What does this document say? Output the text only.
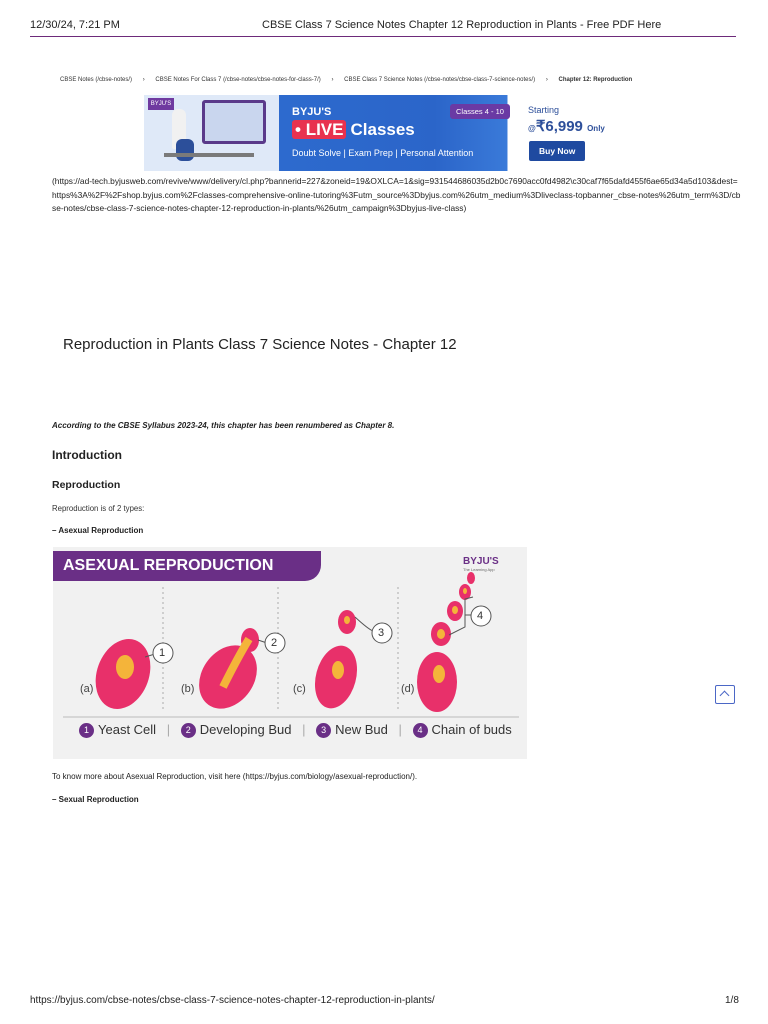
12/30/24, 7:21 PM	CBSE Class 7 Science Notes Chapter 12 Reproduction in Plants - Free PDF Here
CBSE Notes (/cbse-notes/) › CBSE Notes For Class 7 (/cbse-notes/cbse-notes-for-class-7/) › CBSE Class 7 Science Notes (/cbse-notes/cbse-class-7-science-notes/) › Chapter 12: Reproduction
BYJU'S
BYJU'S
• LIVE Classes
Doubt Solve | Exam Prep | Personal Attention
Classes 4 - 10	Starting
@₹6,999 Only
Buy Now
(https://ad-tech.byjusweb.com/revive/www/delivery/cl.php?bannerid=227&zoneid=19&OXLCA=1&sig=931544686035d2b0c7690acc0fd4982\c30caf7f65dafd455f6ae65d34a5d103&dest=https%3A%2F%2Fshop.byjus.com%2Fclasses-comprehensive-online-tutoring%3Futm_source%3Dbyjus.com%26utm_medium%3Dliveclass-topbanner_cbse-notes%26utm_term%3D/cbse-notes/cbse-class-7-science-notes-chapter-12-reproduction-in-plants/%26utm_campaign%3Dbyjus-live-class)
Reproduction in Plants Class 7 Science Notes - Chapter 12
According to the CBSE Syllabus 2023-24, this chapter has been renumbered as Chapter 8.
Introduction
Reproduction
Reproduction is of 2 types:
– Asexual Reproduction
ASEXUAL REPRODUCTION	BYJU'S
The Learning App
1
2
3
4
(a)	(b)	(c)	(d)
1 Yeast Cell | 2 Developing Bud | 3 New Bud | 4 Chain of buds
To know more about Asexual Reproduction, visit here (https://byjus.com/biology/asexual-reproduction/).
– Sexual Reproduction
https://byjus.com/cbse-notes/cbse-class-7-science-notes-chapter-12-reproduction-in-plants/	1/8
